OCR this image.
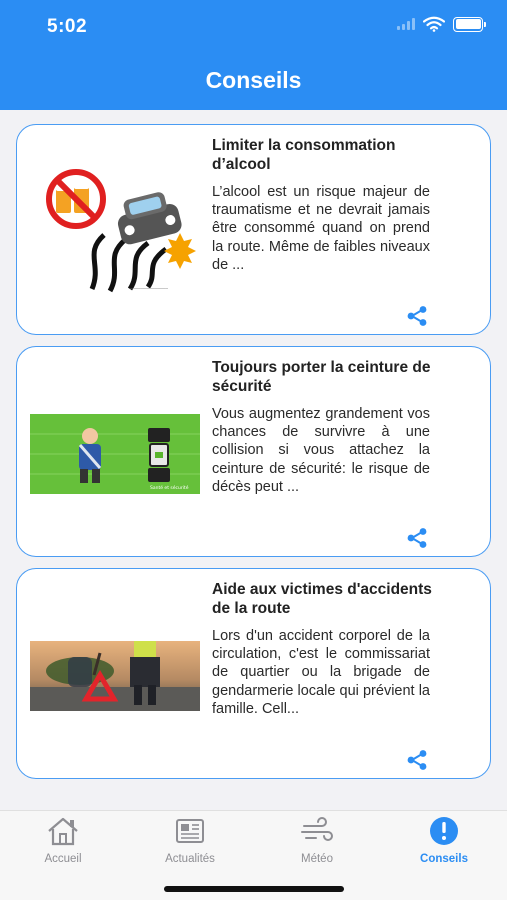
5:02
Conseils
──────────────
Limiter la consommation d’alcool
L’alcool est un risque majeur de traumatisme et ne devrait jamais être consommé quand on prend la route. Même de faibles niveaux de ...
Santé et sécurité
Toujours porter la ceinture de sécurité
Vous augmentez grandement vos chances de survivre à une collision si vous attachez la ceinture de sécurité: le risque de décès peut ...
Aide aux victimes d'accidents de la route
Lors d'un accident corporel de la circulation, c'est le commissariat de quartier ou la brigade de gendarmerie locale qui prévient la famille. Cell...
Accueil	Actualités	Météo	Conseils
